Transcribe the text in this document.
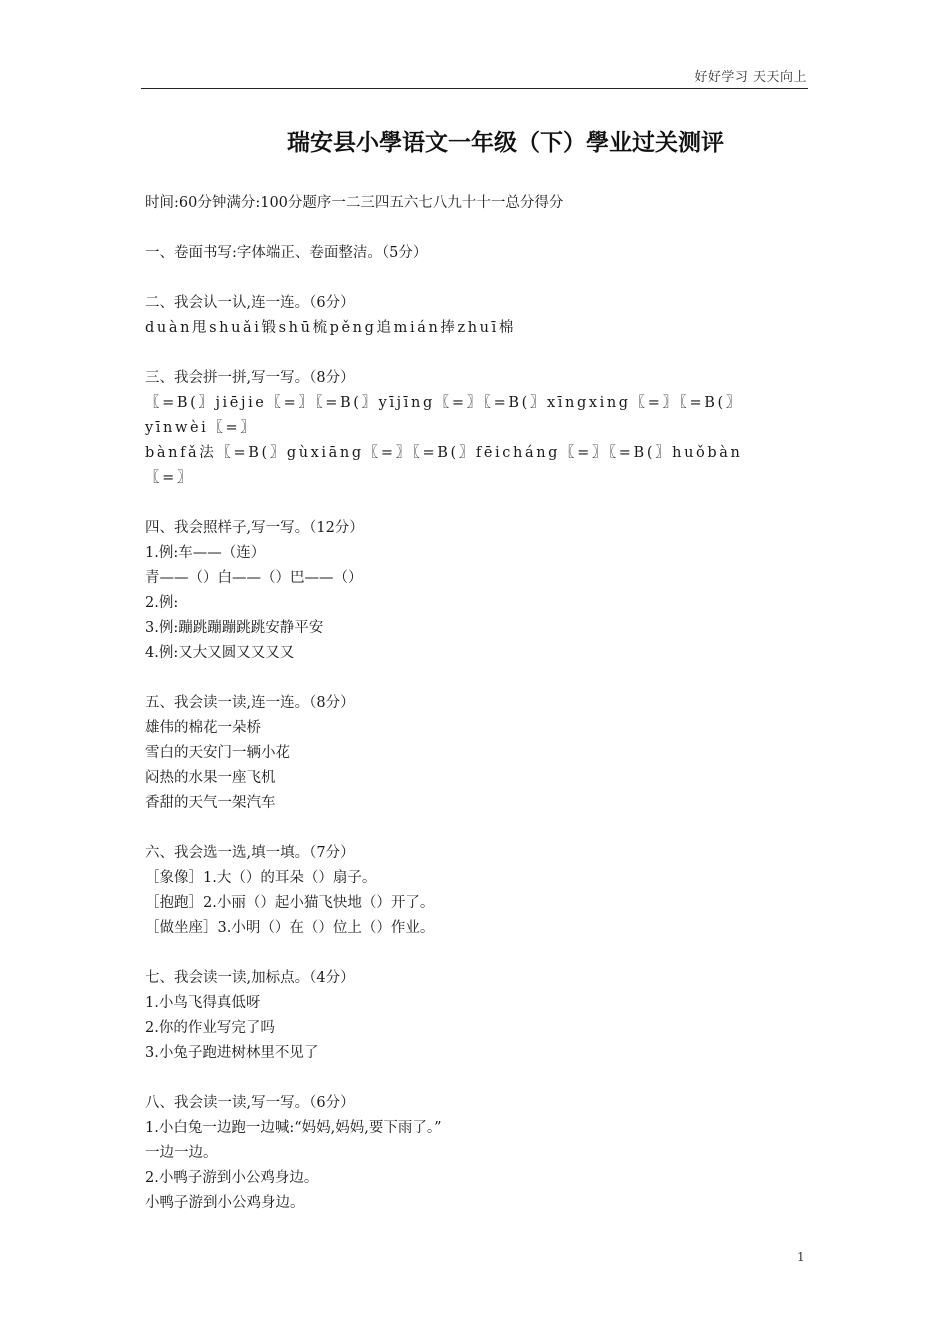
好好学习 天天向上
瑞安县小學语文一年级（下）學业过关测评
时间:60分钟满分:100分题序一二三四五六七八九十十一总分得分
一、卷面书写:字体端正、卷面整洁。（5分）
二、我会认一认,连一连。（6分）
duàn甩shuǎi锻shū梳pěng追mián捧zhuī棉
三、我会拼一拼,写一写。（8分）
〖=B(〗jiējie〖=〗〖=B(〗yījīng〖=〗〖=B(〗xīngxing〖=〗〖=B(〗
yīnwèi〖=〗
bànfǎ法〖=B(〗gùxiāng〖=〗〖=B(〗fēicháng〖=〗〖=B(〗huǒbàn
〖=〗
四、我会照样子,写一写。（12分）
1.例:车——（连）
青——（）白——（）巴——（）
2.例:
3.例:蹦跳蹦蹦跳跳安静平安
4.例:又大又圆又又又又
五、我会读一读,连一连。（8分）
雄伟的棉花一朵桥
雪白的天安门一辆小花
闷热的水果一座飞机
香甜的天气一架汽车
六、我会选一选,填一填。（7分）
［象像］1.大（）的耳朵（）扇子。
［抱跑］2.小丽（）起小猫飞快地（）开了。
［做坐座］3.小明（）在（）位上（）作业。
七、我会读一读,加标点。（4分）
1.小鸟飞得真低呀
2.你的作业写完了吗
3.小兔子跑进树林里不见了
八、我会读一读,写一写。（6分）
1.小白兔一边跑一边喊:“妈妈,妈妈,要下雨了。”
一边一边。
2.小鸭子游到小公鸡身边。
小鸭子游到小公鸡身边。
1
